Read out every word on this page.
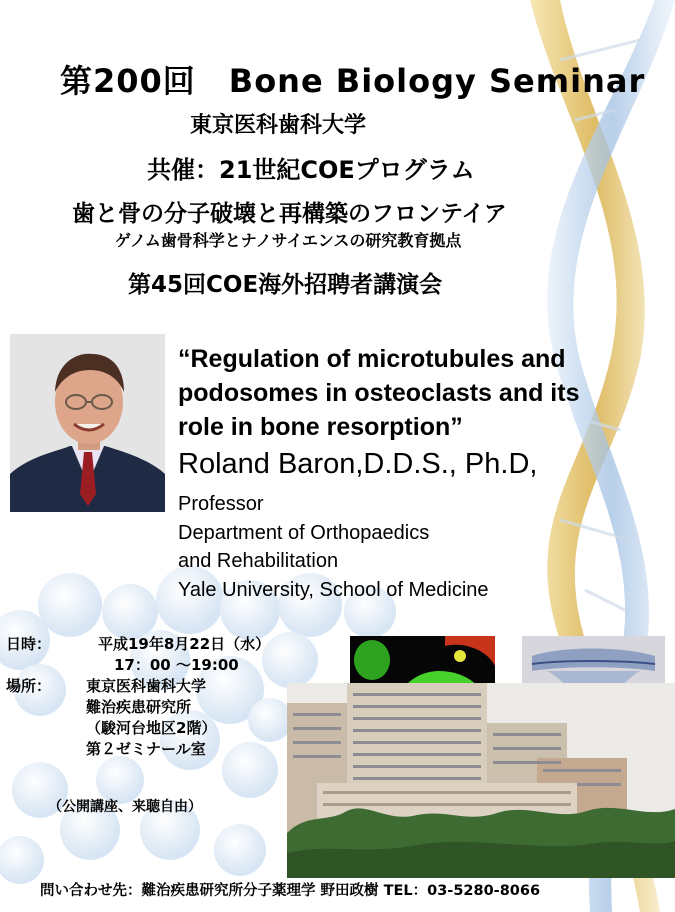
第200回　Bone Biology Seminar
東京医科歯科大学
共催：21世紀COEプログラム
歯と骨の分子破壊と再構築のフロンテイア
ゲノム歯骨科学とナノサイエンスの研究教育拠点
第45回COE海外招聘者講演会
“Regulation of microtubules and
podosomes in osteoclasts and its
role in bone resorption”
Roland Baron,D.D.S., Ph.D,
Professor
Department of Orthopaedics
and Rehabilitation
Yale University, School of Medicine
日時：	平成19年8月22日（水）
17：00 ～19:00
場所： 東京医科歯科大学
難治疾患研究所
（駿河台地区2階）
第２ゼミナール室
（公開講座、来聴自由）
問い合わせ先：難治疾患研究所分子薬理学 野田政樹 TEL：03-5280-8066
